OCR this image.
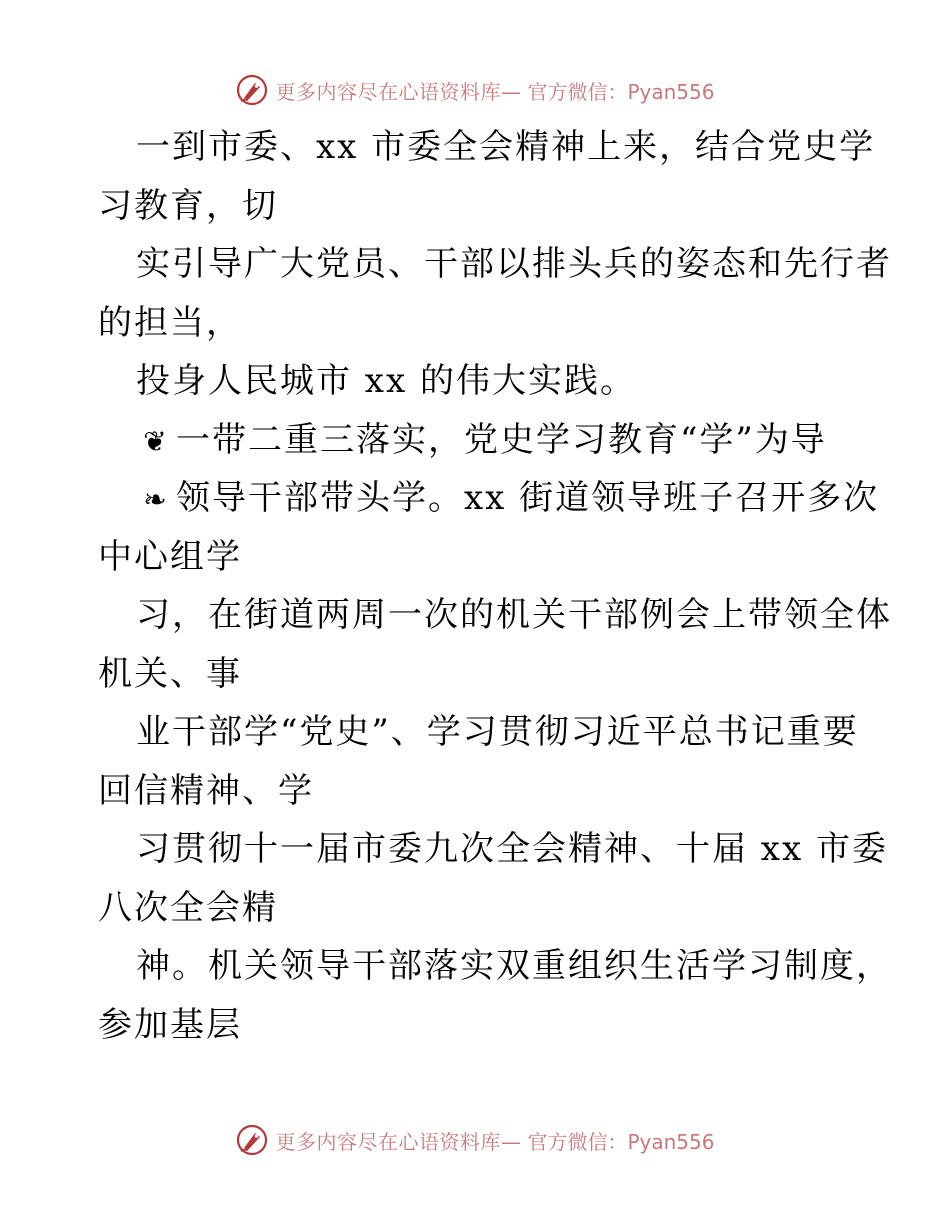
更多内容尽在心语资料库— 官方微信：Pyan556
一到市委、xx 市委全会精神上来，结合党史学
习教育，切
实引导广大党员、干部以排头兵的姿态和先行者
的担当，
投身人民城市 xx 的伟大实践。
❦ 一带二重三落实，党史学习教育“学”为导
❧ 领导干部带头学。xx 街道领导班子召开多次
中心组学
习，在街道两周一次的机关干部例会上带领全体
机关、事
业干部学“党史”、学习贯彻习近平总书记重要
回信精神、学
习贯彻十一届市委九次全会精神、十届 xx 市委
八次全会精
神。机关领导干部落实双重组织生活学习制度，
参加基层
更多内容尽在心语资料库— 官方微信：Pyan556
